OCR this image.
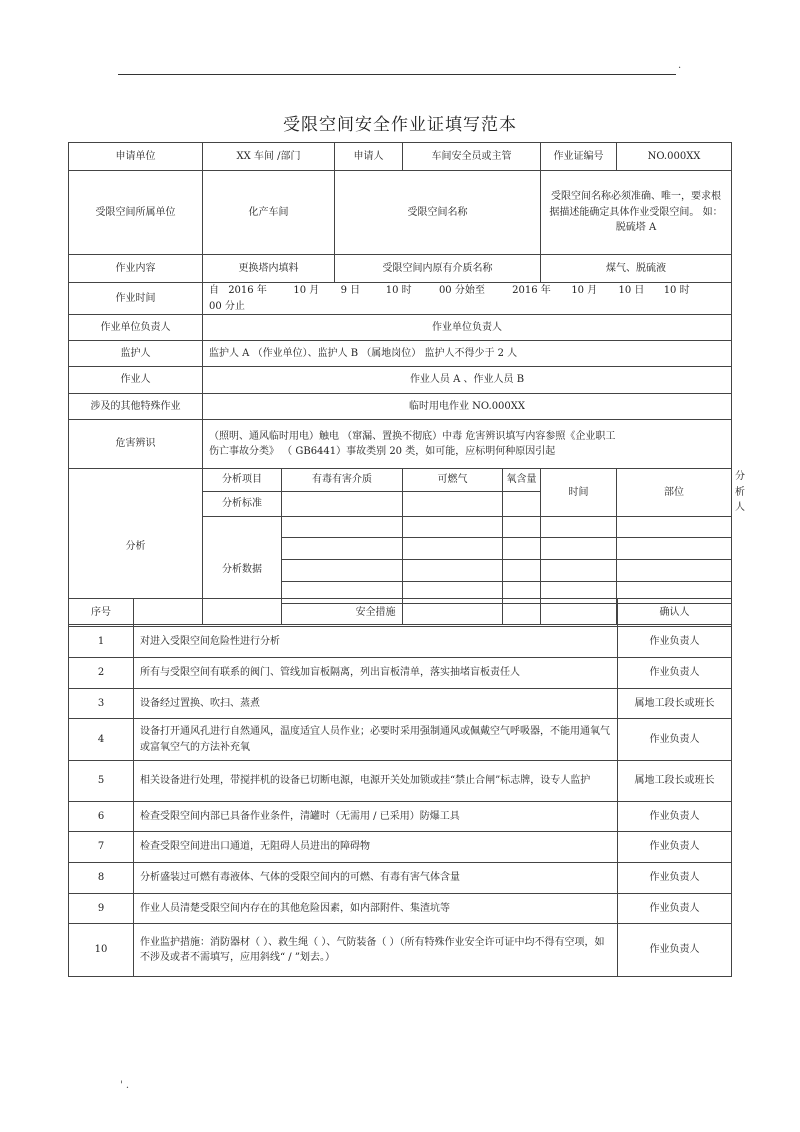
.
受限空间安全作业证填写范本
申请单位	XX 车间 /部门		申请人	车间安全员或主管		作业证编号	NO.000XX	
受限空间所属单位	化产车间		受限空间名称			受限空间名称必须准确、唯一，要求根据描述能确定具体作业受限空间。 如：脱硫塔 A		
作业内容	更换塔内填料		受限空间内原有介质名称			煤气、脱硫液		
作业时间	自 2016 年 10 月 9 日 10 时 00 分始至 2016 年 10 月 10 日 10 时 00 分止							
作业单位负责人	作业单位负责人							
监护人	监护人 A （作业单位）、监护人 B （属地岗位） 监护人不得少于 2 人							
作业人	作业人员 A 、作业人员 B							
涉及的其他特殊作业	临时用电作业 NO.000XX							
危害辨识	（照明、通风临时用电）触电 （窜漏、置换不彻底）中毒 危害辨识填写内容参照《企业职工
伤亡事故分类》 （ GB6441）事故类别 20 类，如可能，应标明何种原因引起							

分析	分析项目	有毒有害介质		可燃气	氧含量	时间	部位	分析人
	分析标准							
	分析数据							

序号	安全措施	确认人
1	对进入受限空间危险性进行分析	作业负责人
2	所有与受限空间有联系的阀门、管线加盲板隔离，列出盲板清单，落实抽堵盲板责任人	作业负责人
3	设备经过置换、吹扫、蒸煮	属地工段长或班长
4	设备打开通风孔进行自然通风，温度适宜人员作业；必要时采用强制通风或佩戴空气呼吸器，不能用通氧气或富氧空气的方法补充氧	作业负责人
5	相关设备进行处理，带搅拌机的设备已切断电源，电源开关处加锁或挂“禁止合闸”标志牌，设专人监护	属地工段长或班长
6	检查受限空间内部已具备作业条件，清罐时（无需用 / 已采用）防爆工具	作业负责人
7	检查受限空间进出口通道，无阻碍人员进出的障碍物	作业负责人
8	分析盛装过可燃有毒液体、气体的受限空间内的可燃、有毒有害气体含量	作业负责人
9	作业人员清楚受限空间内存在的其他危险因素，如内部附件、集渣坑等	作业负责人
10	作业监护措施：消防器材（ ）、救生绳（ ）、气防装备（ ）（所有特殊作业安全许可证中均不得有空项，如不涉及或者不需填写，应用斜线“ / ”划去。）	作业负责人
' .
